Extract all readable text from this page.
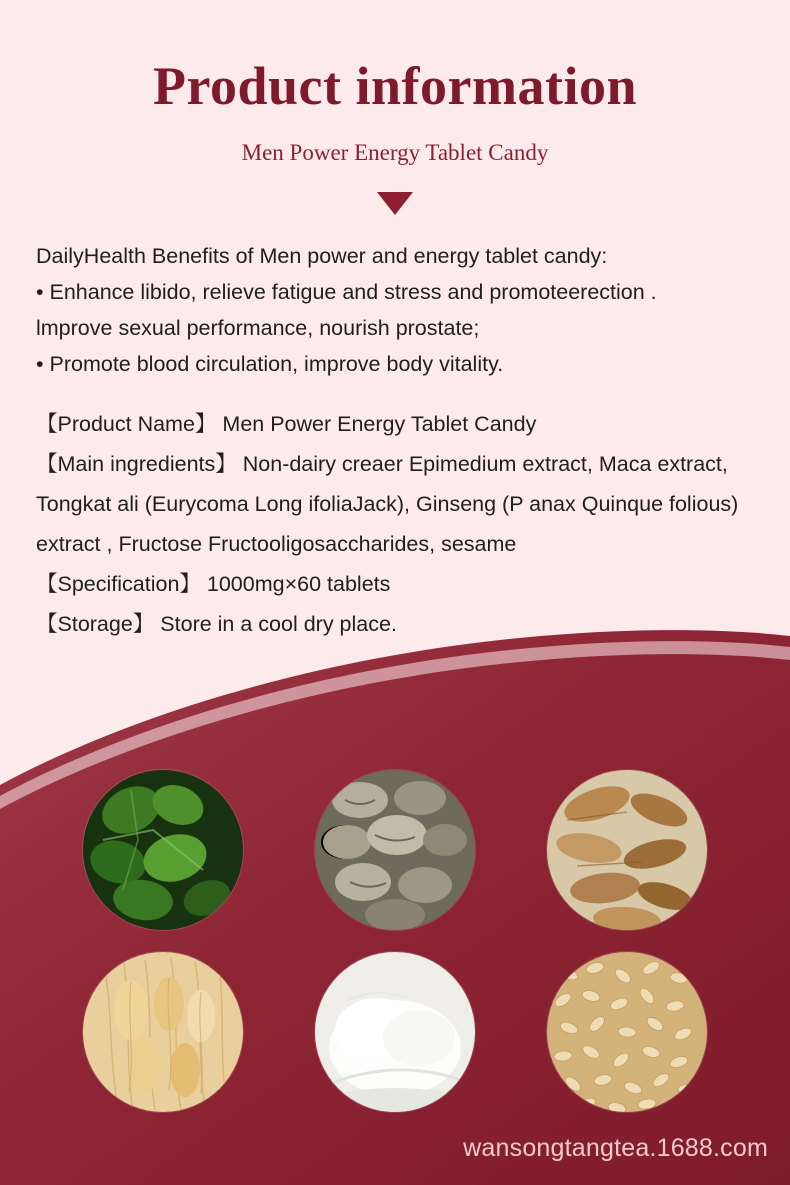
Product information
Men Power Energy Tablet Candy
DailyHealth Benefits of Men power and energy tablet candy:
• Enhance libido, relieve fatigue and stress and promoteerection .
lmprove sexual performance, nourish prostate;
• Promote blood circulation, improve body vitality.

【Product Name】 Men Power Energy Tablet Candy

【Main ingredients】 Non-dairy creaer Epimedium extract, Maca extract, Tongkat ali (Eurycoma Long ifoliaJack), Ginseng (P anax Quinque folious) extract , Fructose Fructooligosaccharides, sesame

【Specification】 1000mg×60 tablets

【Storage】 Store in a cool dry place.

wansongtangtea.1688.com
